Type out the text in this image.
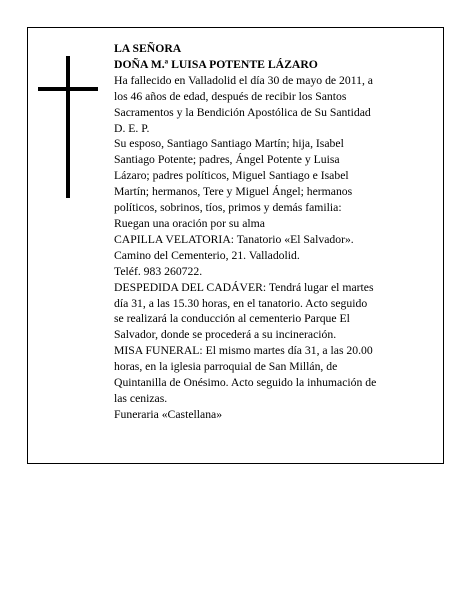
LA SEÑORA
DOÑA M.ª LUISA POTENTE LÁZARO
Ha fallecido en Valladolid el día 30 de mayo de 2011, a
los 46 años de edad, después de recibir los Santos
Sacramentos y la Bendición Apostólica de Su Santidad
D. E. P.
Su esposo, Santiago Santiago Martín; hija, Isabel
Santiago Potente; padres, Ángel Potente y Luisa
Lázaro; padres políticos, Miguel Santiago e Isabel
Martín; hermanos, Tere y Miguel Ángel; hermanos
políticos, sobrinos, tíos, primos y demás familia:
Ruegan una oración por su alma
CAPILLA VELATORIA: Tanatorio «El Salvador».
Camino del Cementerio, 21. Valladolid.
Teléf. 983 260722.
DESPEDIDA DEL CADÁVER: Tendrá lugar el martes
día 31, a las 15.30 horas, en el tanatorio. Acto seguido
se realizará la conducción al cementerio Parque El
Salvador, donde se procederá a su incineración.
MISA FUNERAL: El mismo martes día 31, a las 20.00
horas, en la iglesia parroquial de San Millán, de
Quintanilla de Onésimo. Acto seguido la inhumación de
las cenizas.
Funeraria «Castellana»
